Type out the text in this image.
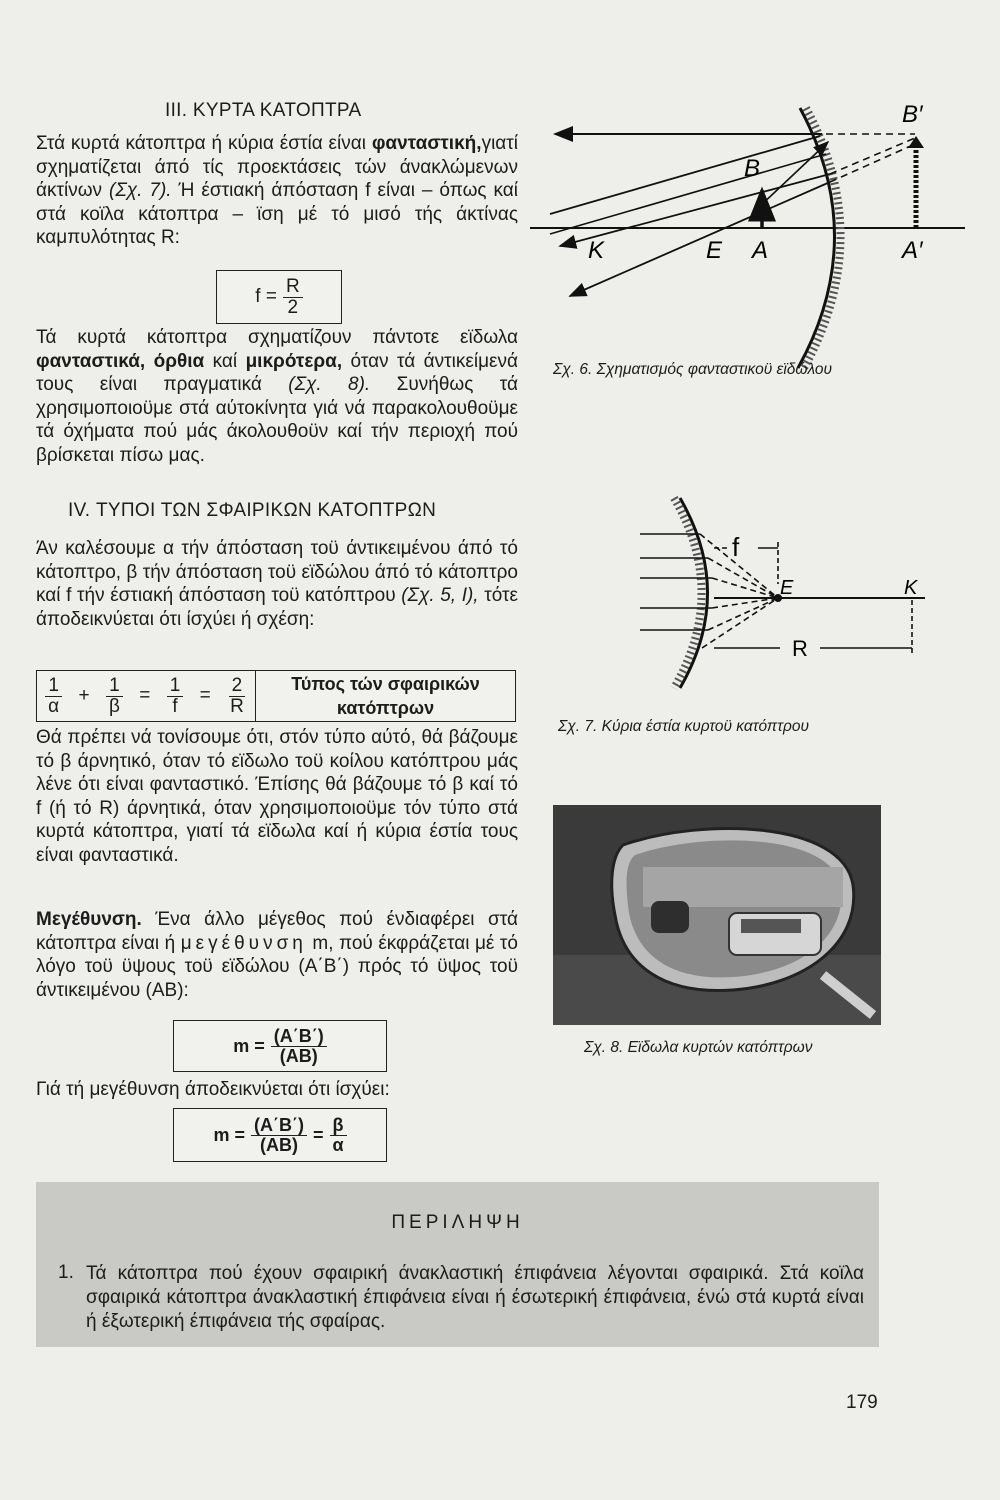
III. ΚΥΡΤΑ ΚΑΤΟΠΤΡΑ
Στά κυρτά κάτοπτρα ή κύρια έστία είναι φανταστική,γιατί σχηματίζεται άπό τίς προεκτάσεις τών άνακλώμενων άκτίνων (Σχ. 7). Ή έστιακή άπόσταση f είναι – όπως καί στά κοϊλα κάτοπτρα – ϊση μέ τό μισό τής άκτίνας καμπυλότητας R:
$f = \frac{R}{2}$
Τά κυρτά κάτοπτρα σχηματίζουν πάντοτε εϊδωλα φανταστικά, όρθια καί μικρότερα, όταν τά άντικείμενά τους είναι πραγματικά (Σχ. 8). Συνήθως τά χρησιμοποιοϋμε στά αύτοκίνητα γιά νά παρακολουθοϋμε τά όχήματα πού μάς άκολουθοϋν καί τήν περιοχή πού βρίσκεται πίσω μας.
IV. ΤΥΠΟΙ ΤΩΝ ΣΦΑΙΡΙΚΩΝ ΚΑΤΟΠΤΡΩΝ
Άν καλέσουμε α τήν άπόσταση τοϋ άντικειμένου άπό τό κάτοπτρο, β τήν άπόσταση τοϋ εϊδώλου άπό τό κάτοπτρο καί f τήν έστιακή άπόσταση τοϋ κατόπτρου (Σχ. 5, Ι), τότε άποδεικνύεται ότι ίσχύει ή σχέση:
$\frac{1}{\alpha} + \frac{1}{\beta} = \frac{1}{f} = \frac{2}{R}$	Τύπος τών σφαιρικών κατόπτρων
Θά πρέπει νά τονίσουμε ότι, στόν τύπο αύτό, θά βάζουμε τό β άρνητικό, όταν τό εϊδωλο τοϋ κοίλου κατόπτρου μάς λένε ότι είναι φανταστικό. Έπίσης θά βάζουμε τό β καί τό f (ή τό R) άρνητικά, όταν χρησιμοποιοϋμε τόν τύπο στά κυρτά κάτοπτρα, γιατί τά εϊδωλα καί ή κύρια έστία τους είναι φανταστικά.
Μεγέθυνση. Ένα άλλο μέγεθος πού ένδιαφέρει στά κάτοπτρα είναι ή μεγέθυνση m, πού έκφράζεται μέ τό λόγο τοϋ ϋψους τοϋ εϊδώλου (Α΄Β΄) πρός τό ϋψος τοϋ άντικειμένου (ΑΒ):
$m = \frac{(A΄B΄)}{(AB)}$
Γιά τή μεγέθυνση άποδεικνύεται ότι ίσχύει:
$m = \frac{(A΄B΄)}{(AB)} = \frac{\beta}{\alpha}$
B′
B
K	E A	A′
Σχ. 6. Σχηματισμός φανταστικοϋ εϊδώλου
f
E	K
R
Σχ. 7. Κύρια έστία κυρτοϋ κατόπτρου
Σχ. 8. Εϊδωλα κυρτών κατόπτρων
ΠΕΡΙΛΗΨΗ
1. Τά κάτοπτρα πού έχουν σφαιρική άνακλαστική έπιφάνεια λέγονται σφαιρικά. Στά κοϊλα σφαιρικά κάτοπτρα άνακλαστική έπιφάνεια είναι ή έσωτερική έπιφάνεια, ένώ στά κυρτά είναι ή έξωτερική έπιφάνεια τής σφαίρας.
179
